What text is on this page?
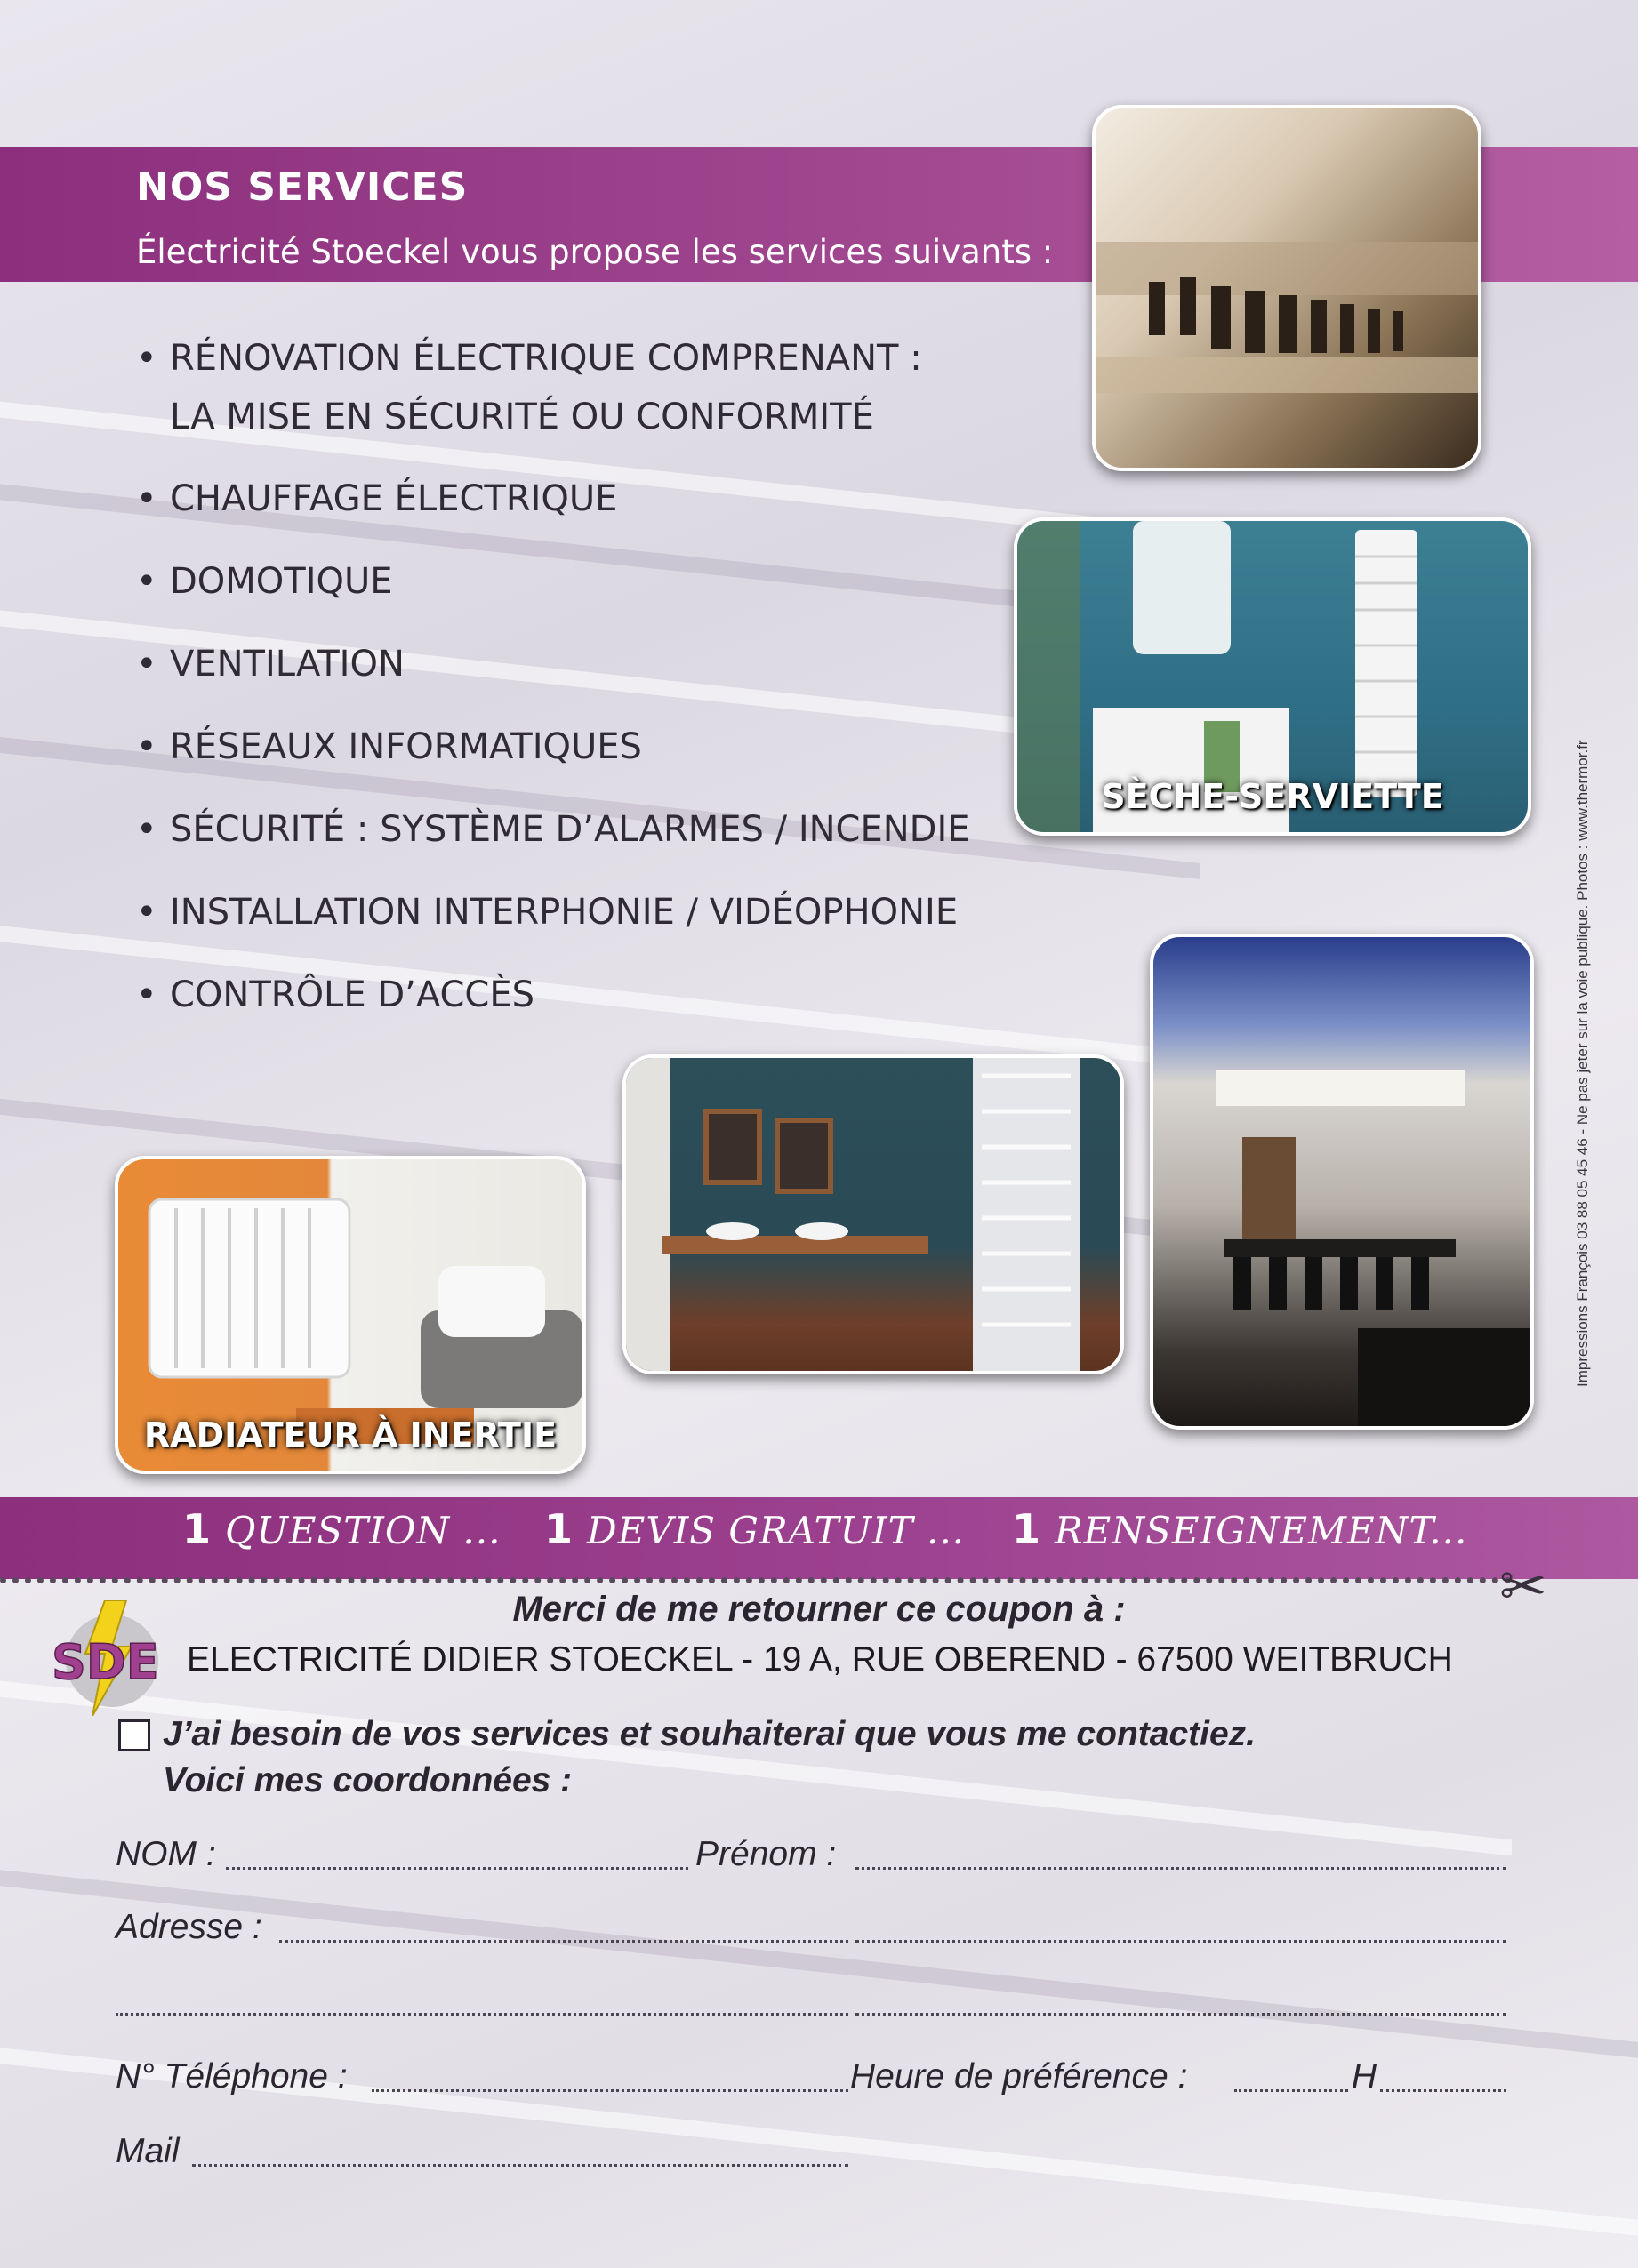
NOS SERVICES
Électricité Stoeckel vous propose les services suivants :
• RÉNOVATION ÉLECTRIQUE COMPRENANT :
LA MISE EN SÉCURITÉ OU CONFORMITÉ
• CHAUFFAGE ÉLECTRIQUE
• DOMOTIQUE
• VENTILATION
• RÉSEAUX INFORMATIQUES
• SÉCURITÉ : SYSTÈME D’ALARMES / INCENDIE
• INSTALLATION INTERPHONIE / VIDÉOPHONIE
• CONTRÔLE D’ACCÈS
SÈCHE-SERVIETTE
RADIATEUR À INERTIE
Impressions François 03 88 05 45 46 - Ne pas jeter sur la voie publique. Photos : www.thermor.fr
1 QUESTION ... 1 DEVIS GRATUIT ... 1 RENSEIGNEMENT...
✂
Merci de me retourner ce coupon à :
SDE ELECTRICITÉ DIDIER STOECKEL - 19 A, RUE OBEREND - 67500 WEITBRUCH
J’ai besoin de vos services et souhaiterai que vous me contactiez.
Voici mes coordonnées :
NOM :	Prénom :
Adresse :
N° Téléphone :	Heure de préférence :	H
Mail
